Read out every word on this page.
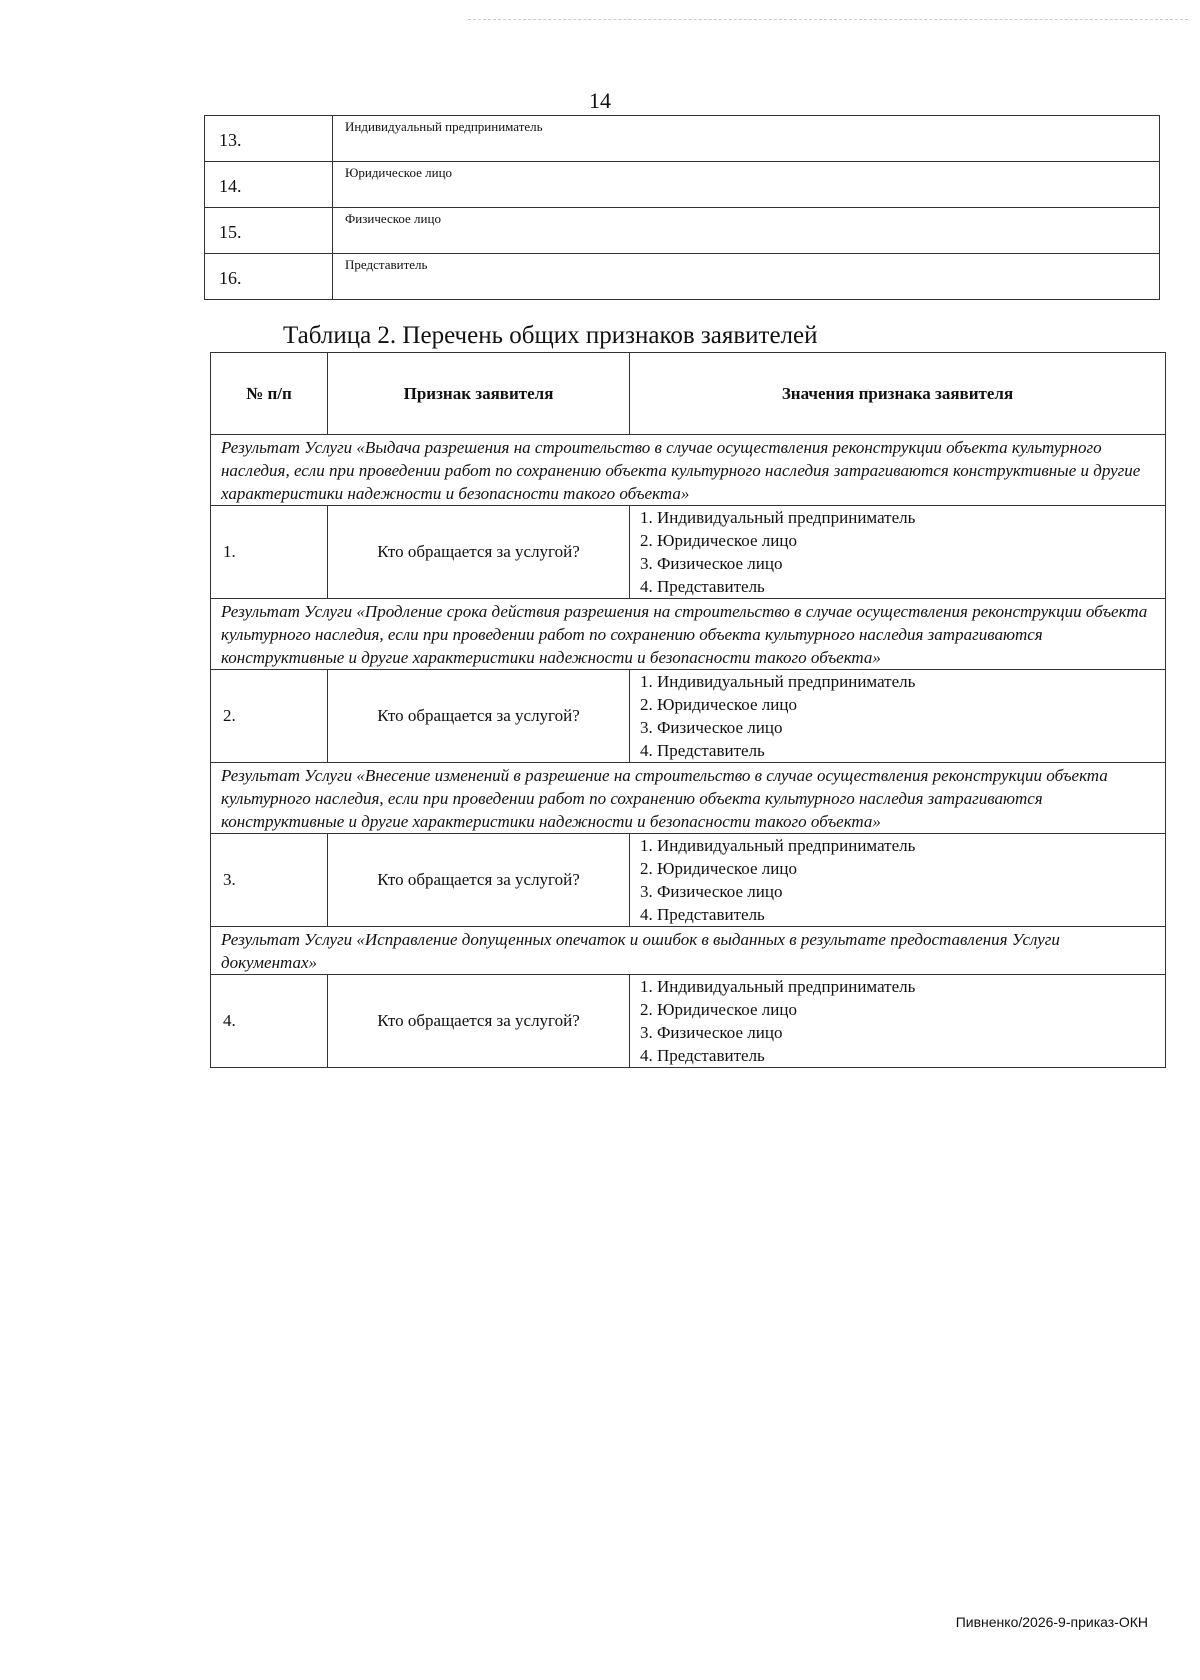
14
13.	Индивидуальный предприниматель
14.	Юридическое лицо
15.	Физическое лицо
16.	Представитель
Таблица 2. Перечень общих признаков заявителей
№ п/п	Признак заявителя	Значения признака заявителя
Результат Услуги «Выдача разрешения на строительство в случае осуществления реконструкции объекта культурного наследия, если при проведении работ по сохранению объекта культурного наследия затрагиваются конструктивные и другие характеристики надежности и безопасности такого объекта»		
1.	Кто обращается за услугой?	1. Индивидуальный предприниматель
2. Юридическое лицо
3. Физическое лицо
4. Представитель

Результат Услуги «Продление срока действия разрешения на строительство в случае осуществления реконструкции объекта культурного наследия, если при проведении работ по сохранению объекта культурного наследия затрагиваются конструктивные и другие характеристики надежности и безопасности такого объекта»		
2.	Кто обращается за услугой?	1. Индивидуальный предприниматель
2. Юридическое лицо
3. Физическое лицо
4. Представитель

Результат Услуги «Внесение изменений в разрешение на строительство в случае осуществления реконструкции объекта культурного наследия, если при проведении работ по сохранению объекта культурного наследия затрагиваются конструктивные и другие характеристики надежности и безопасности такого объекта»		
3.	Кто обращается за услугой?	1. Индивидуальный предприниматель
2. Юридическое лицо
3. Физическое лицо
4. Представитель

Результат Услуги «Исправление допущенных опечаток и ошибок в выданных в результате предоставления Услуги документах»		
4.	Кто обращается за услугой?	1. Индивидуальный предприниматель
2. Юридическое лицо
3. Физическое лицо
4. Представитель
Пивненко/2026-9-приказ-ОКН
